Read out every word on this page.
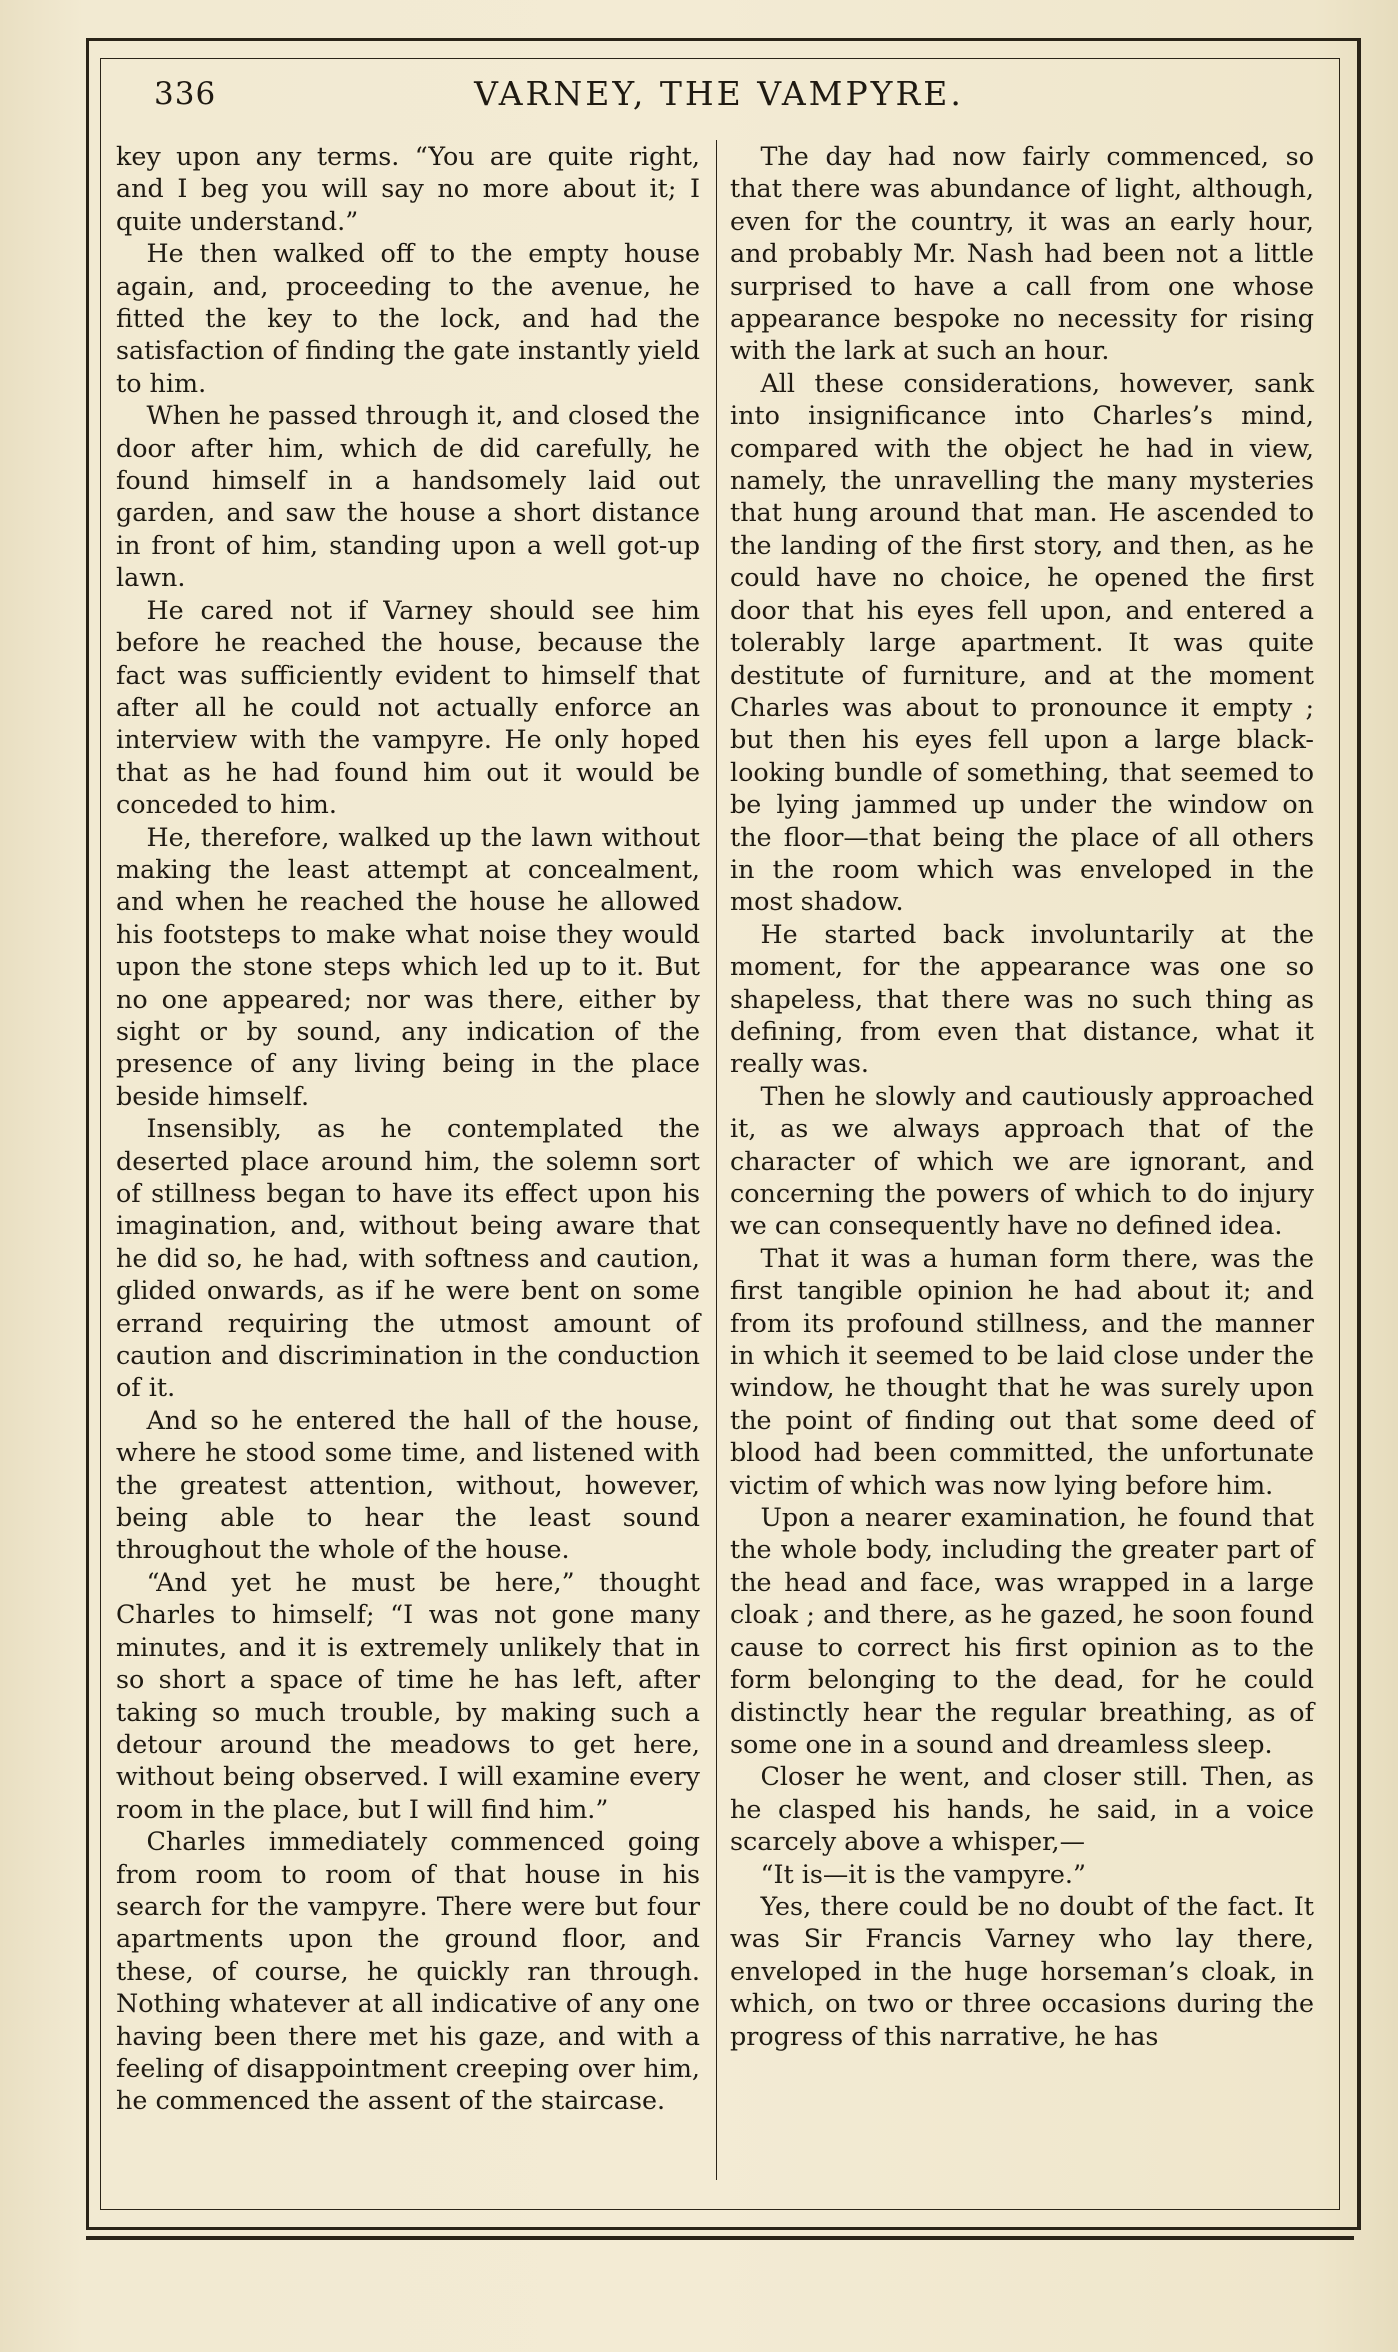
336	VARNEY, THE VAMPYRE.

key upon any terms. “You are quite right, and I beg you will say no more about it; I quite understand.”

He then walked off to the empty house again, and, proceeding to the avenue, he fitted the key to the lock, and had the satisfaction of finding the gate instantly yield to him.

When he passed through it, and closed the door after him, which de did carefully, he found himself in a handsomely laid out garden, and saw the house a short distance in front of him, standing upon a well got-up lawn.

He cared not if Varney should see him before he reached the house, because the fact was sufficiently evident to himself that after all he could not actually enforce an interview with the vampyre. He only hoped that as he had found him out it would be conceded to him.

He, therefore, walked up the lawn without making the least attempt at concealment, and when he reached the house he allowed his footsteps to make what noise they would upon the stone steps which led up to it. But no one appeared; nor was there, either by sight or by sound, any indication of the presence of any living being in the place beside himself.

Insensibly, as he contemplated the deserted place around him, the solemn sort of stillness began to have its effect upon his imagination, and, without being aware that he did so, he had, with softness and caution, glided onwards, as if he were bent on some errand requiring the utmost amount of caution and discrimination in the conduction of it.

And so he entered the hall of the house, where he stood some time, and listened with the greatest attention, without, however, being able to hear the least sound throughout the whole of the house.

“And yet he must be here,” thought Charles to himself; “I was not gone many minutes, and it is extremely unlikely that in so short a space of time he has left, after taking so much trouble, by making such a detour around the meadows to get here, without being observed. I will examine every room in the place, but I will find him.”

Charles immediately commenced going from room to room of that house in his search for the vampyre. There were but four apartments upon the ground floor, and these, of course, he quickly ran through. Nothing whatever at all indicative of any one having been there met his gaze, and with a feeling of disappointment creeping over him, he commenced the assent of the staircase.

The day had now fairly commenced, so that there was abundance of light, although, even for the country, it was an early hour, and probably Mr. Nash had been not a little surprised to have a call from one whose appearance bespoke no necessity for rising with the lark at such an hour.

All these considerations, however, sank into insignificance into Charles’s mind, compared with the object he had in view, namely, the unravelling the many mysteries that hung around that man. He ascended to the landing of the first story, and then, as he could have no choice, he opened the first door that his eyes fell upon, and entered a tolerably large apartment. It was quite destitute of furniture, and at the moment Charles was about to pronounce it empty ; but then his eyes fell upon a large black-looking bundle of something, that seemed to be lying jammed up under the window on the floor—that being the place of all others in the room which was enveloped in the most shadow.

He started back involuntarily at the moment, for the appearance was one so shapeless, that there was no such thing as defining, from even that distance, what it really was.

Then he slowly and cautiously approached it, as we always approach that of the character of which we are ignorant, and concerning the powers of which to do injury we can consequently have no defined idea.

That it was a human form there, was the first tangible opinion he had about it; and from its profound stillness, and the manner in which it seemed to be laid close under the window, he thought that he was surely upon the point of finding out that some deed of blood had been committed, the unfortunate victim of which was now lying before him.

Upon a nearer examination, he found that the whole body, including the greater part of the head and face, was wrapped in a large cloak ; and there, as he gazed, he soon found cause to correct his first opinion as to the form belonging to the dead, for he could distinctly hear the regular breathing, as of some one in a sound and dreamless sleep.

Closer he went, and closer still. Then, as he clasped his hands, he said, in a voice scarcely above a whisper,—

“It is—it is the vampyre.”

Yes, there could be no doubt of the fact. It was Sir Francis Varney who lay there, enveloped in the huge horseman’s cloak, in which, on two or three occasions during the progress of this narrative, he has
